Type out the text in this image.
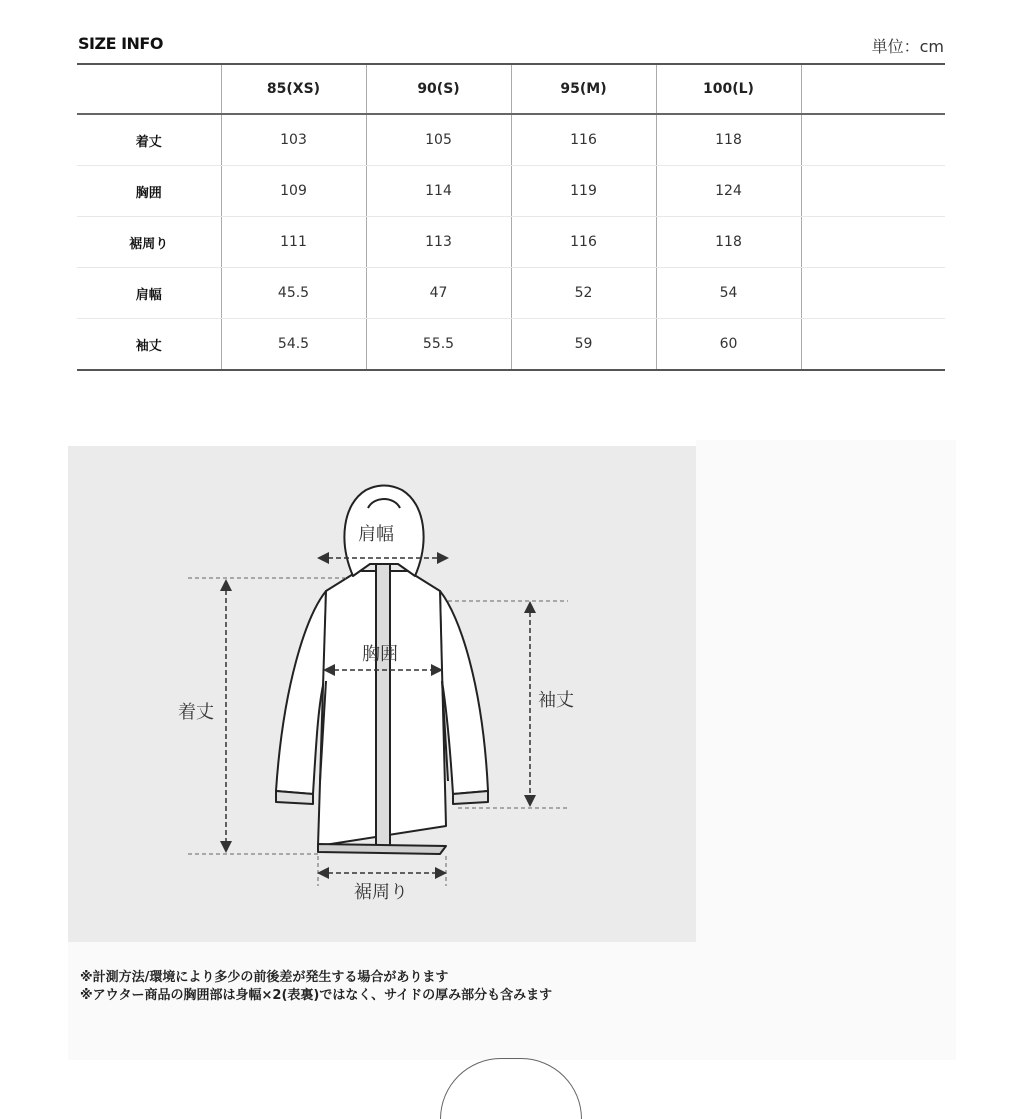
SIZE INFO	単位：cm
	85(XS)	90(S)	95(M)	100(L)	
着丈	103	105	116	118	
胸囲	109	114	119	124	
裾周り	111	113	116	118	
肩幅	45.5	47	52	54	
袖丈	54.5	55.5	59	60	
肩幅
胸囲
着丈
袖丈
裾周り
※計測方法/環境により多少の前後差が発生する場合があります
※アウター商品の胸囲部は身幅×2(表裏)ではなく、サイドの厚み部分も含みます
